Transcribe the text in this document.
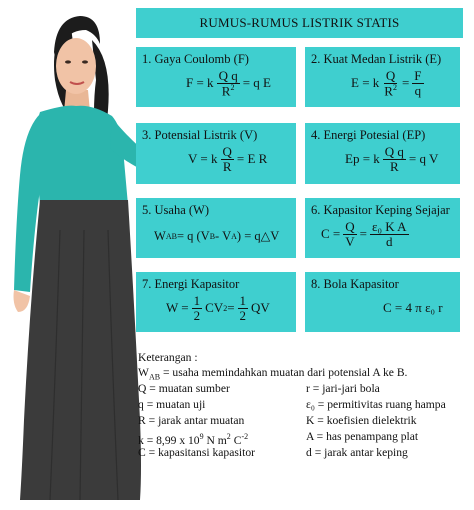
RUMUS-RUMUS LISTRIK STATIS
1. Gaya Coulomb (F)
F = k $\frac{\text{Q q}}{R^2} = q$ E
2. Kuat Medan Listrik (E)
E = k $\frac{Q}{R^2} = \frac{F}{q}$
3. Potensial Listrik (V)
V = k $\frac{Q}{R} = E$ R
4. Energi Potesial (EP)
Ep = k $\frac{\text{Q q}}{R} = q$ V
5. Usaha (W)
W AB = q (V B - V A ) = q △V
6. Kapasitor Keping Sejajar
$C = \frac{Q}{V} = \frac{\text{ε₀ K A}}{d}$
7. Energi Kapasitor
$W = \frac{1}{2}$ CV $2 = \frac{1}{2}$ QV
8. Bola Kapasitor
C = 4 π ε₀ r
Keterangan :
$W_{AB}$ = usaha memindahkan muatan dari potensial A ke B.
Q = muatan sumber
q = muatan uji
R = jarak antar muatan
k = 8,99 x $10^9$ N $m^2$ $C^{-2}$
C = kapasitansi kapasitor
r = jari-jari bola
ε₀ = permitivitas ruang hampa
K = koefisien dielektrik
A = has penampang plat
d = jarak antar keping
